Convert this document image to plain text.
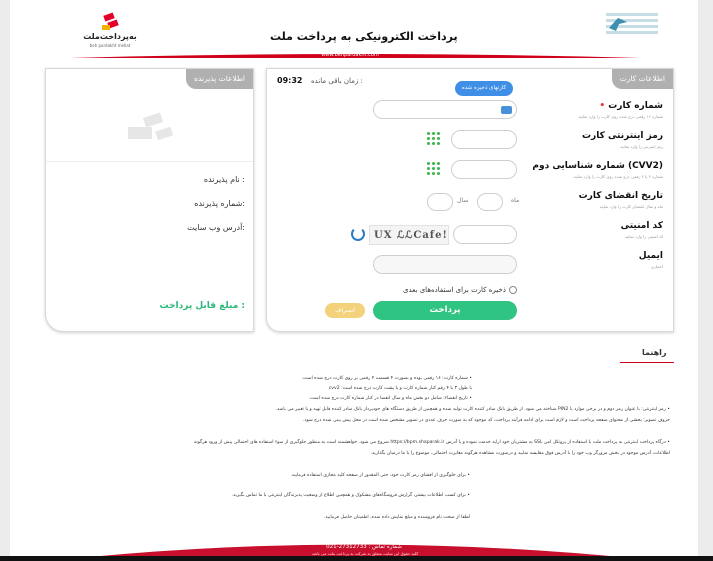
به‌پرداخت‌ملت
beh pardakht mellat
پرداخت الکترونیکی به پرداخت ملت
www.behpardakht.com
اطلاعات پذیرنده
نام پذیرنده :
شماره پذیرنده:
آدرس وب سایت:
مبلغ قابل پرداخت :
اطلاعات کارت
زمان باقی مانده :
09:32
کارتهای ذخیره شده
• شماره کارت
شماره ۱۶ رقمی درج شده روی کارت را وارد نمایید
رمز اینترنتی کارت
رمز اینترنتی را وارد نمایید
شماره شناسایی دوم (CVV2)
شماره ۳ یا ۴ رقمی درج شده روی کارت را وارد نمایید
تاریخ انقضای کارت
ماه و سال انقضای کارت را وارد نمایید
کد امنیتی
کد امنیتی را وارد نمایید
ایمیل
اختیاری
ماه
سال
UX ℒℒCafe!
ذخیره کارت برای استفاده‌های بعدی
پرداخت
انصراف
راهنما
• شماره کارت: ۱۶ رقمی بوده و بصورت ۴ قسمت ۴ رقمی بر روی کارت درج شده است.
با طول ۳ یا ۴ رقم کنار شماره کارت و یا پشت کارت درج شده است: cvv2
• تاریخ انقضاء: شامل دو بخش ماه و سال انقضا در کنار شماره کارت درج شده است.
• رمز اینترنتی: با عنوان رمز دوم و در برخی موارد با PIN2 شناخته می شود. از طریق بانک صادر کننده کارت تولید شده و همچنین از طریق دستگاه های خودپرداز بانک صادر کننده قابل تهیه و یا تغییر می باشد.
حروف تصویر: بخشی از محتوای صفحه پرداخت است و لازم است برای ادامه فرآیند پرداخت، کد موجود که به صورت حرف عددی در تصویر مشخص شده است در محل پیش بینی شده درج شود.
• درگاه پرداخت اینترنتی به پرداخت ملت با استفاده از پروتکل امن SSL به مشتریان خود ارایه خدمت نموده و با آدرس https://bpm.shaparak.ir شروع می شود. خواهشمند است به منظور جلوگیری از سوء استفاده های احتمالی پیش از ورود هرگونه
اطلاعات، آدرس موجود در بخش مرورگر وب خود را با آدرس فوق مقایسه نمایید و درصورت مشاهده هرگونه مغایرت احتمالی، موضوع را با ما درمیان بگذارید.
• برای جلوگیری از افشای رمز کارت خود، حتی المقدور از صفحه کلید مجازی استفاده فرمایید.
• برای کسب اطلاعات بیشتر، گزارش فروشگاه‌های مشکوک و همچنین اطلاع از وضعیت پذیرندگان اینترنتی با ما تماس بگیرید.
لطفا از صحت نام فروشنده و مبلغ نمایش داده شده، اطمینان حاصل فرمایید.
شماره تماس : 27312733-021
کلیه حقوق این سایت متعلق به شرکت به پرداخت ملت می باشد
